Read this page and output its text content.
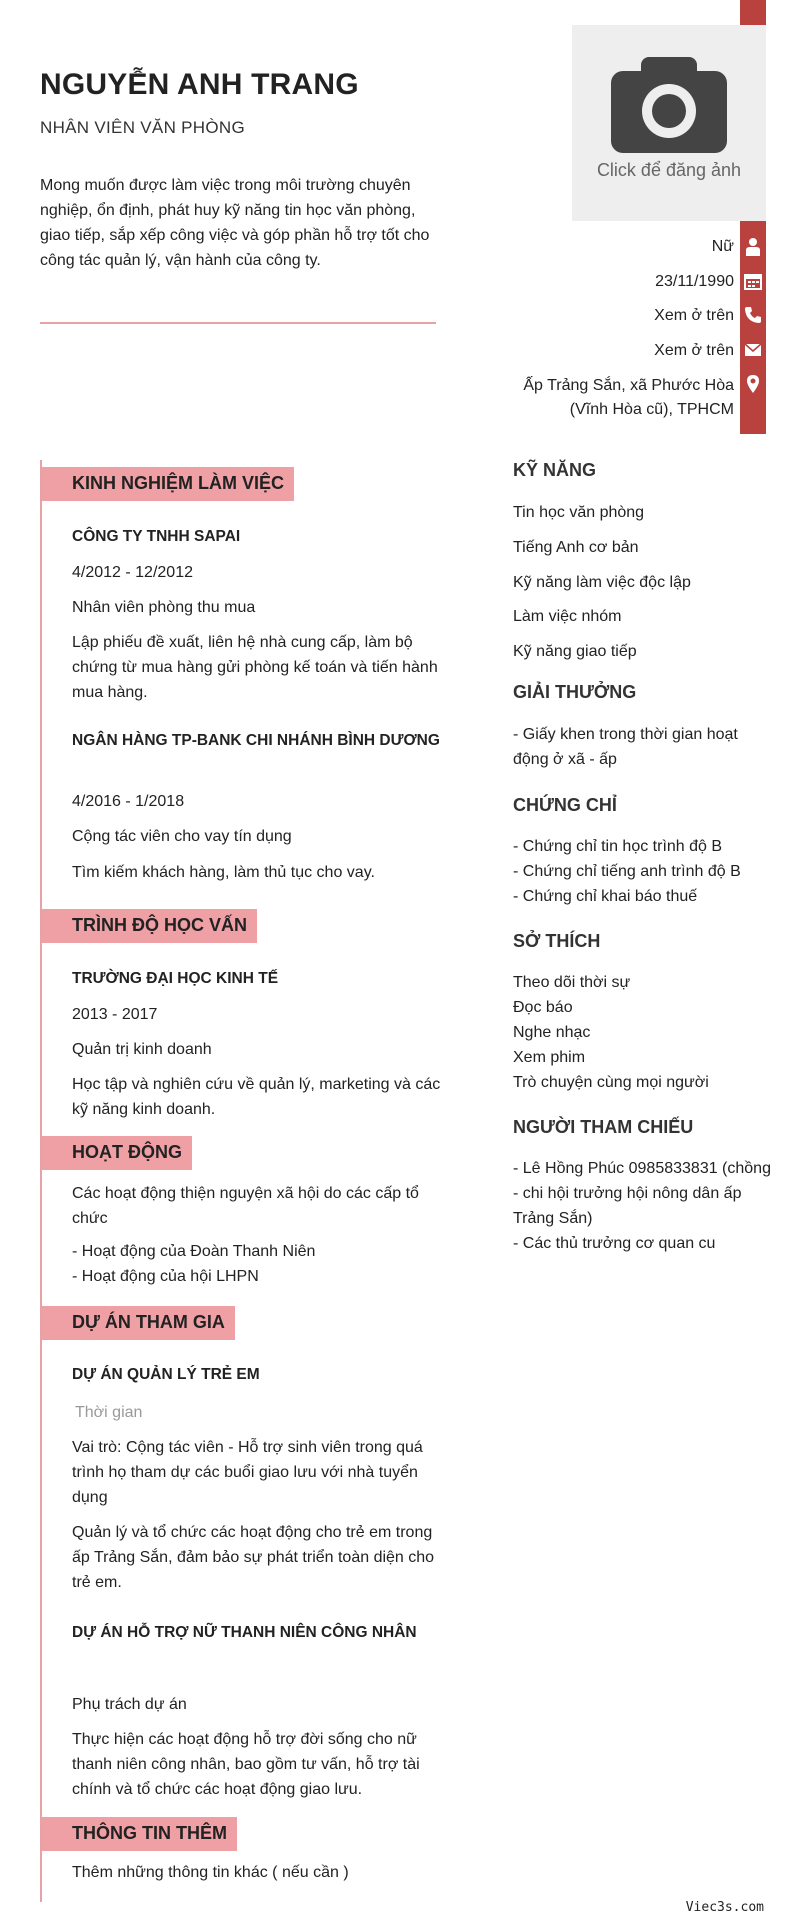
NGUYỄN ANH TRANG
NHÂN VIÊN VĂN PHÒNG
Mong muốn được làm việc trong môi trường chuyên nghiệp, ổn định, phát huy kỹ năng tin học văn phòng, giao tiếp, sắp xếp công việc và góp phần hỗ trợ tốt cho công tác quản lý, vận hành của công ty.
Click để đăng ảnh
Nữ
23/11/1990
Xem ở trên
Xem ở trên
Ấp Trảng Sắn, xã Phước Hòa (Vĩnh Hòa cũ), TPHCM
KINH NGHIỆM LÀM VIỆC
CÔNG TY TNHH SAPAI
4/2012 - 12/2012
Nhân viên phòng thu mua
Lập phiếu đề xuất, liên hệ nhà cung cấp, làm bộ chứng từ mua hàng gửi phòng kế toán và tiến hành mua hàng.
NGÂN HÀNG TP-BANK CHI NHÁNH BÌNH DƯƠNG
4/2016 - 1/2018
Cộng tác viên cho vay tín dụng
Tìm kiếm khách hàng, làm thủ tục cho vay.
TRÌNH ĐỘ HỌC VẤN
TRƯỜNG ĐẠI HỌC KINH TẾ
2013 - 2017
Quản trị kinh doanh
Học tập và nghiên cứu về quản lý, marketing và các kỹ năng kinh doanh.
HOẠT ĐỘNG
Các hoạt động thiện nguyện xã hội do các cấp tổ chức
- Hoạt động của Đoàn Thanh Niên
- Hoạt động của hội LHPN
DỰ ÁN THAM GIA
DỰ ÁN QUẢN LÝ TRẺ EM
Thời gian
Vai trò: Cộng tác viên - Hỗ trợ sinh viên trong quá trình họ tham dự các buổi giao lưu với nhà tuyển dụng
Quản lý và tổ chức các hoạt động cho trẻ em trong ấp Trảng Sắn, đảm bảo sự phát triển toàn diện cho trẻ em.
DỰ ÁN HỖ TRỢ NỮ THANH NIÊN CÔNG NHÂN
Phụ trách dự án
Thực hiện các hoạt động hỗ trợ đời sống cho nữ thanh niên công nhân, bao gồm tư vấn, hỗ trợ tài chính và tổ chức các hoạt động giao lưu.
THÔNG TIN THÊM
Thêm những thông tin khác ( nếu cần )
KỸ NĂNG
Tin học văn phòng
Tiếng Anh cơ bản
Kỹ năng làm việc độc lập
Làm việc nhóm
Kỹ năng giao tiếp
GIẢI THƯỞNG
- Giấy khen trong thời gian hoạt động ở xã - ấp
CHỨNG CHỈ
- Chứng chỉ tin học trình độ B
- Chứng chỉ tiếng anh trình độ B
- Chứng chỉ khai báo thuế
SỞ THÍCH
Theo dõi thời sự
Đọc báo
Nghe nhạc
Xem phim
Trò chuyện cùng mọi người
NGƯỜI THAM CHIẾU
- Lê Hồng Phúc 0985833831 (chồng - chi hội trưởng hội nông dân ấp Trảng Sắn)
- Các thủ trưởng cơ quan cu
Viec3s.com
